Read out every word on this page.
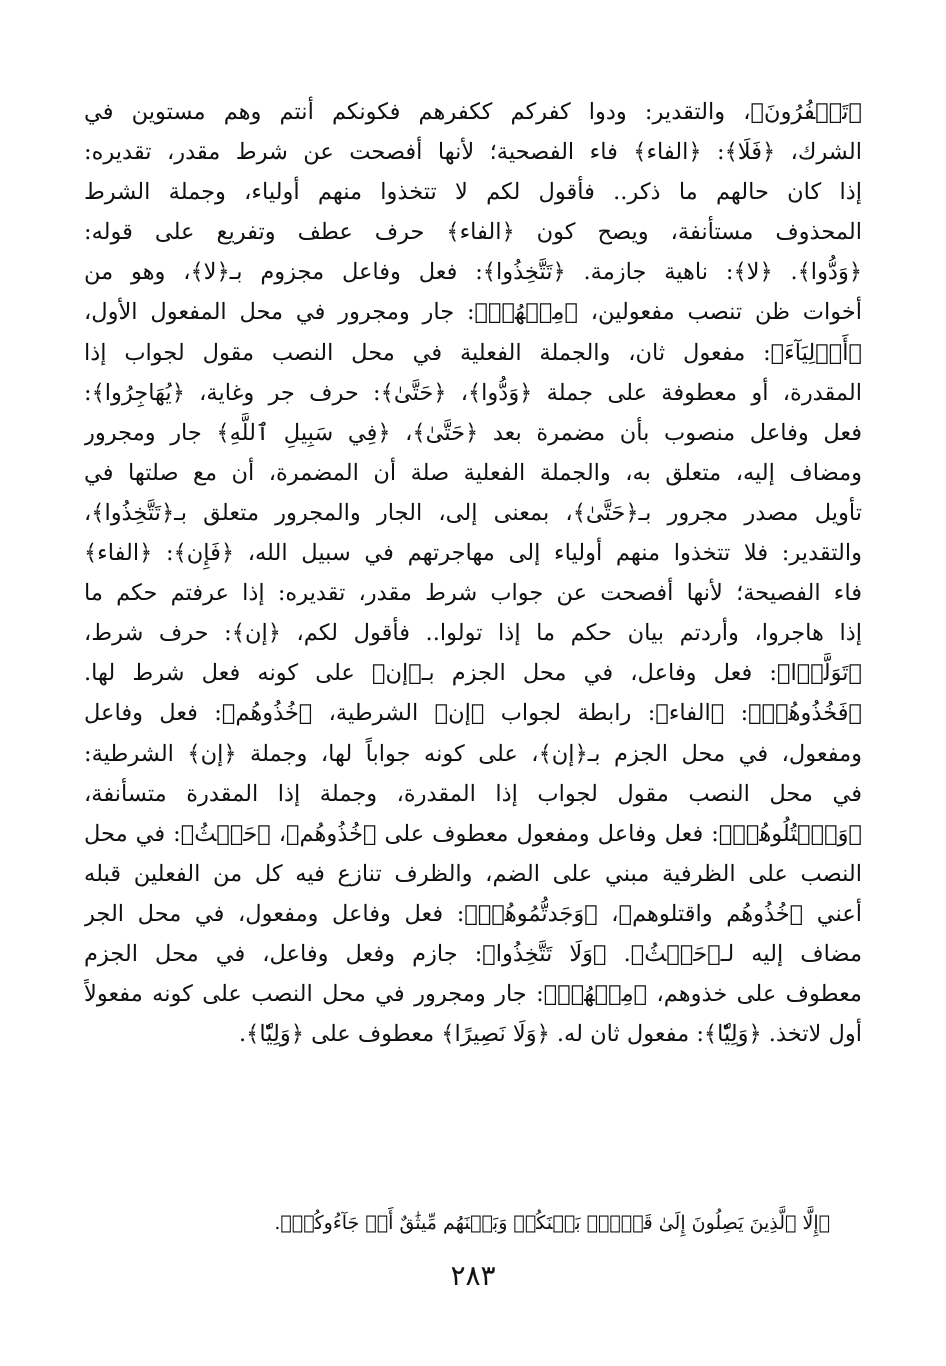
﴿تَكۡفُرُونَ﴾، والتقدير: ودوا كفركم ككفرهم فكونكم أنتم وهم مستوين في
الشرك، ﴿فَلَا﴾: ﴿الفاء﴾ فاء الفصحية؛ لأنها أفصحت عن شرط مقدر، تقديره:
إذا كان حالهم ما ذكر.. فأقول لكم لا تتخذوا منهم أولياء، وجملة الشرط
المحذوف مستأنفة، ويصح كون ﴿الفاء﴾ حرف عطف وتفريع على قوله:
﴿وَدُّوا﴾. ﴿لا﴾: ناهية جازمة. ﴿تَتَّخِذُوا﴾: فعل وفاعل مجزوم بـ﴿لا﴾، وهو من
أخوات ظن تنصب مفعولين، ﴿مِنۡهُمۡ﴾: جار ومجرور في محل المفعول الأول،
﴿أَوۡلِيَآءَ﴾: مفعول ثان، والجملة الفعلية في محل النصب مقول لجواب إذا
المقدرة، أو معطوفة على جملة ﴿وَدُّوا﴾، ﴿حَتَّىٰ﴾: حرف جر وغاية، ﴿يُهَاجِرُوا﴾:
فعل وفاعل منصوب بأن مضمرة بعد ﴿حَتَّىٰ﴾، ﴿فِي سَبِيلِ ٱللَّهِ﴾ جار ومجرور
ومضاف إليه، متعلق به، والجملة الفعلية صلة أن المضمرة، أن مع صلتها في
تأويل مصدر مجرور بـ﴿حَتَّىٰ﴾، بمعنى إلى، الجار والمجرور متعلق بـ﴿تَتَّخِذُوا﴾،
والتقدير: فلا تتخذوا منهم أولياء إلى مهاجرتهم في سبيل الله، ﴿فَإِن﴾: ﴿الفاء﴾
فاء الفصيحة؛ لأنها أفصحت عن جواب شرط مقدر، تقديره: إذا عرفتم حكم ما
إذا هاجروا، وأردتم بيان حكم ما إذا تولوا.. فأقول لكم، ﴿إن﴾: حرف شرط،
﴿تَوَلَّوۡا﴾: فعل وفاعل، في محل الجزم بـ﴿إن﴾ على كونه فعل شرط لها.
﴿فَخُذُوهُمۡ﴾: ﴿الفاء﴾: رابطة لجواب ﴿إن﴾ الشرطية، ﴿خُذُوهُم﴾: فعل وفاعل
ومفعول، في محل الجزم بـ﴿إن﴾، على كونه جواباً لها، وجملة ﴿إن﴾ الشرطية:
في محل النصب مقول لجواب إذا المقدرة، وجملة إذا المقدرة متسأنفة،
﴿وَٱقۡتُلُوهُمۡ﴾: فعل وفاعل ومفعول معطوف على ﴿خُذُوهُم﴾، ﴿حَيۡثُ﴾: في محل
النصب على الظرفية مبني على الضم، والظرف تنازع فيه كل من الفعلين قبله
أعني ﴿خُذُوهُم واقتلوهم﴾، ﴿وَجَدتُّمُوهُمۡ﴾: فعل وفاعل ومفعول، في محل الجر
مضاف إليه لـ﴿حَيۡثُ﴾. ﴿وَلَا تَتَّخِذُوا﴾: جازم وفعل وفاعل، في محل الجزم
معطوف على خذوهم، ﴿مِنۡهُمۡ﴾: جار ومجرور في محل النصب على كونه مفعولاً
أول لاتخذ. ﴿وَلِيّٗا﴾: مفعول ثان له. ﴿وَلَا نَصِيرًا﴾ معطوف على ﴿وَلِيّٗا﴾.
﴿إِلَّا ٱلَّذِينَ يَصِلُونَ إِلَىٰ قَوۡمِۭ بَيۡنَكُمۡ وَبَيۡنَهُم مِّيثَٰقٌ أَوۡ جَآءُوكُمۡ﴾.
٢٨٣
